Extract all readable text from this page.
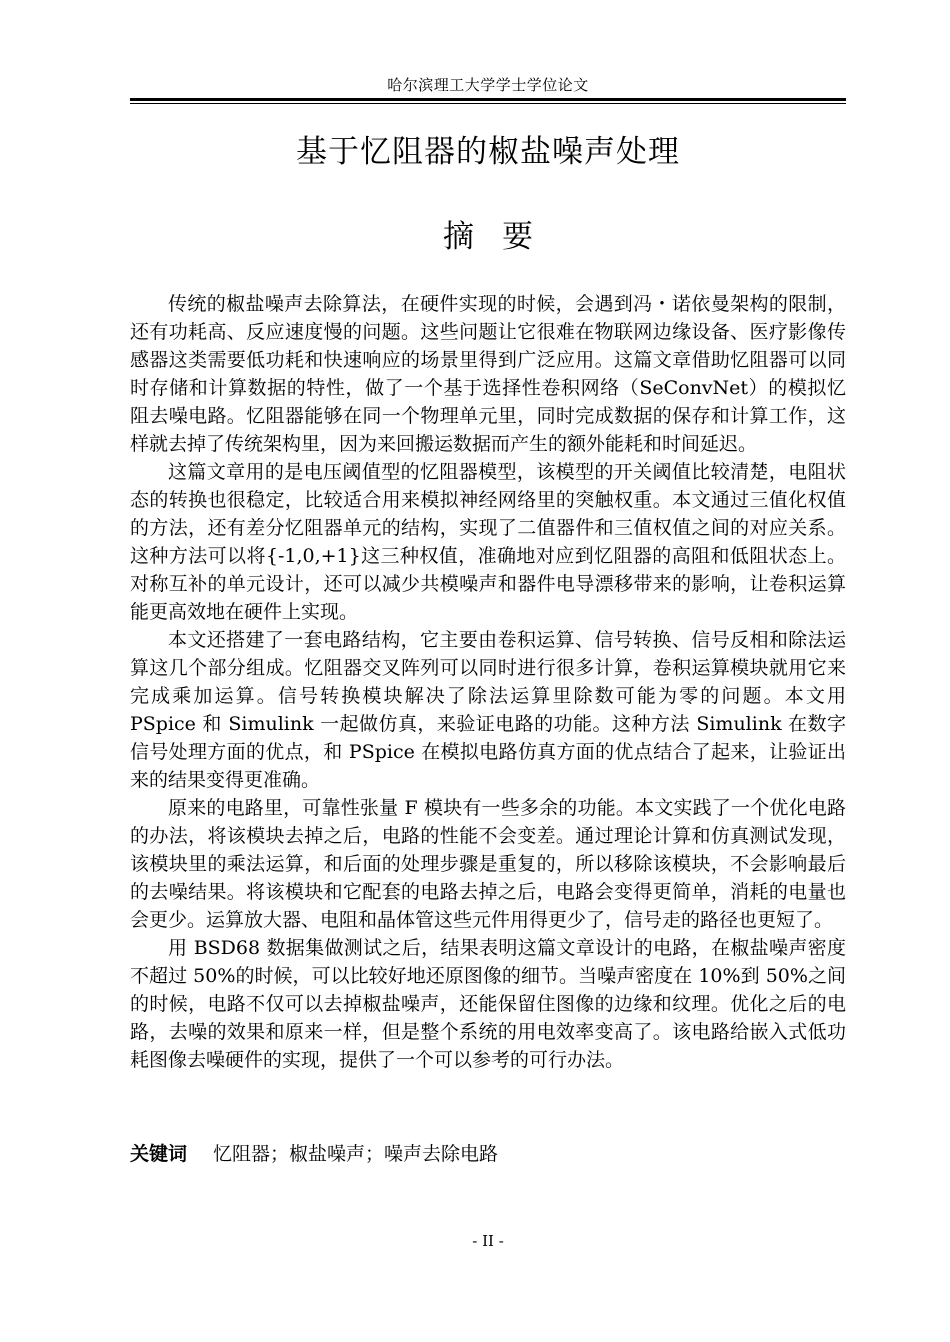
哈尔滨理工大学学士学位论文
基于忆阻器的椒盐噪声处理
摘要

传统的椒盐噪声去除算法，在硬件实现的时候，会遇到冯・诺依曼架构的限制，还有功耗高、反应速度慢的问题。这些问题让它很难在物联网边缘设备、医疗影像传感器这类需要低功耗和快速响应的场景里得到广泛应用。这篇文章借助忆阻器可以同时存储和计算数据的特性，做了一个基于选择性卷积网络（SeConvNet）的模拟忆阻去噪电路。忆阻器能够在同一个物理单元里，同时完成数据的保存和计算工作，这样就去掉了传统架构里，因为来回搬运数据而产生的额外能耗和时间延迟。

这篇文章用的是电压阈值型的忆阻器模型，该模型的开关阈值比较清楚，电阻状态的转换也很稳定，比较适合用来模拟神经网络里的突触权重。本文通过三值化权值的方法，还有差分忆阻器单元的结构，实现了二值器件和三值权值之间的对应关系。这种方法可以将{-1,0,+1}这三种权值，准确地对应到忆阻器的高阻和低阻状态上。对称互补的单元设计，还可以减少共模噪声和器件电导漂移带来的影响，让卷积运算能更高效地在硬件上实现。

本文还搭建了一套电路结构，它主要由卷积运算、信号转换、信号反相和除法运算这几个部分组成。忆阻器交叉阵列可以同时进行很多计算，卷积运算模块就用它来完成乘加运算。信号转换模块解决了除法运算里除数可能为零的问题。本文用 PSpice 和 Simulink 一起做仿真，来验证电路的功能。这种方法 Simulink 在数字信号处理方面的优点，和 PSpice 在模拟电路仿真方面的优点结合了起来，让验证出来的结果变得更准确。

原来的电路里，可靠性张量 F 模块有一些多余的功能。本文实践了一个优化电路的办法，将该模块去掉之后，电路的性能不会变差。通过理论计算和仿真测试发现，该模块里的乘法运算，和后面的处理步骤是重复的，所以移除该模块，不会影响最后的去噪结果。将该模块和它配套的电路去掉之后，电路会变得更简单，消耗的电量也会更少。运算放大器、电阻和晶体管这些元件用得更少了，信号走的路径也更短了。

用 BSD68 数据集做测试之后，结果表明这篇文章设计的电路，在椒盐噪声密度不超过 50%的时候，可以比较好地还原图像的细节。当噪声密度在 10%到 50%之间的时候，电路不仅可以去掉椒盐噪声，还能保留住图像的边缘和纹理。优化之后的电路，去噪的效果和原来一样，但是整个系统的用电效率变高了。该电路给嵌入式低功耗图像去噪硬件的实现，提供了一个可以参考的可行办法。

关键词 忆阻器；椒盐噪声；噪声去除电路
- II -
